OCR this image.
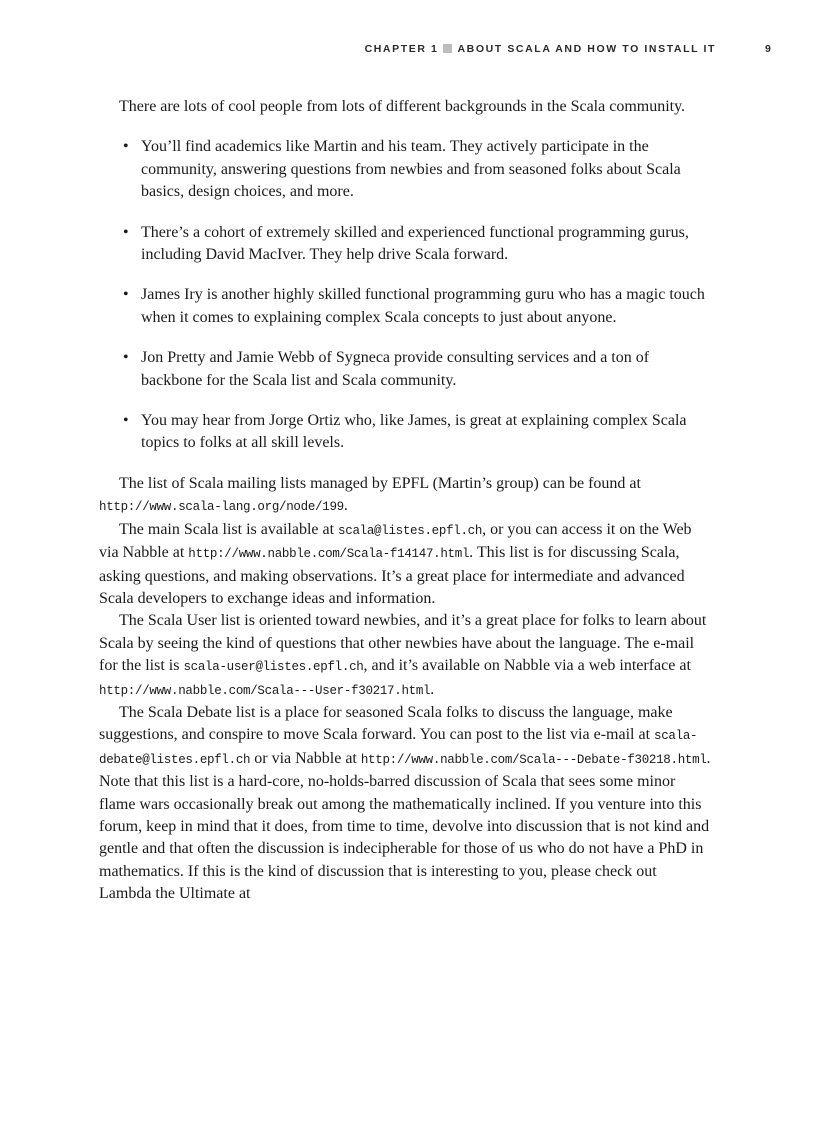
CHAPTER 1 ABOUT SCALA AND HOW TO INSTALL IT	9

There are lots of cool people from lots of different backgrounds in the Scala community.

• You’ll find academics like Martin and his team. They actively participate in the community, answering questions from newbies and from seasoned folks about Scala basics, design choices, and more.
• There’s a cohort of extremely skilled and experienced functional programming gurus, including David MacIver. They help drive Scala forward.
• James Iry is another highly skilled functional programming guru who has a magic touch when it comes to explaining complex Scala concepts to just about anyone.
• Jon Pretty and Jamie Webb of Sygneca provide consulting services and a ton of backbone for the Scala list and Scala community.
• You may hear from Jorge Ortiz who, like James, is great at explaining complex Scala topics to folks at all skill levels.

The list of Scala mailing lists managed by EPFL (Martin’s group) can be found at http://www.scala-lang.org/node/199.

The main Scala list is available at scala@listes.epfl.ch, or you can access it on the Web via Nabble at http://www.nabble.com/Scala-f14147.html. This list is for discussing Scala, asking questions, and making observations. It’s a great place for intermediate and advanced Scala developers to exchange ideas and information.

The Scala User list is oriented toward newbies, and it’s a great place for folks to learn about Scala by seeing the kind of questions that other newbies have about the language. The e-mail for the list is scala-user@listes.epfl.ch, and it’s available on Nabble via a web interface at http://www.nabble.com/Scala---User-f30217.html.

The Scala Debate list is a place for seasoned Scala folks to discuss the language, make suggestions, and conspire to move Scala forward. You can post to the list via e-mail at scala-debate@listes.epfl.ch or via Nabble at http://www.nabble.com/Scala---Debate-f30218.html. Note that this list is a hard-core, no-holds-barred discussion of Scala that sees some minor flame wars occasionally break out among the mathematically inclined. If you venture into this forum, keep in mind that it does, from time to time, devolve into discussion that is not kind and gentle and that often the discussion is indecipherable for those of us who do not have a PhD in mathematics. If this is the kind of discussion that is interesting to you, please check out Lambda the Ultimate at
